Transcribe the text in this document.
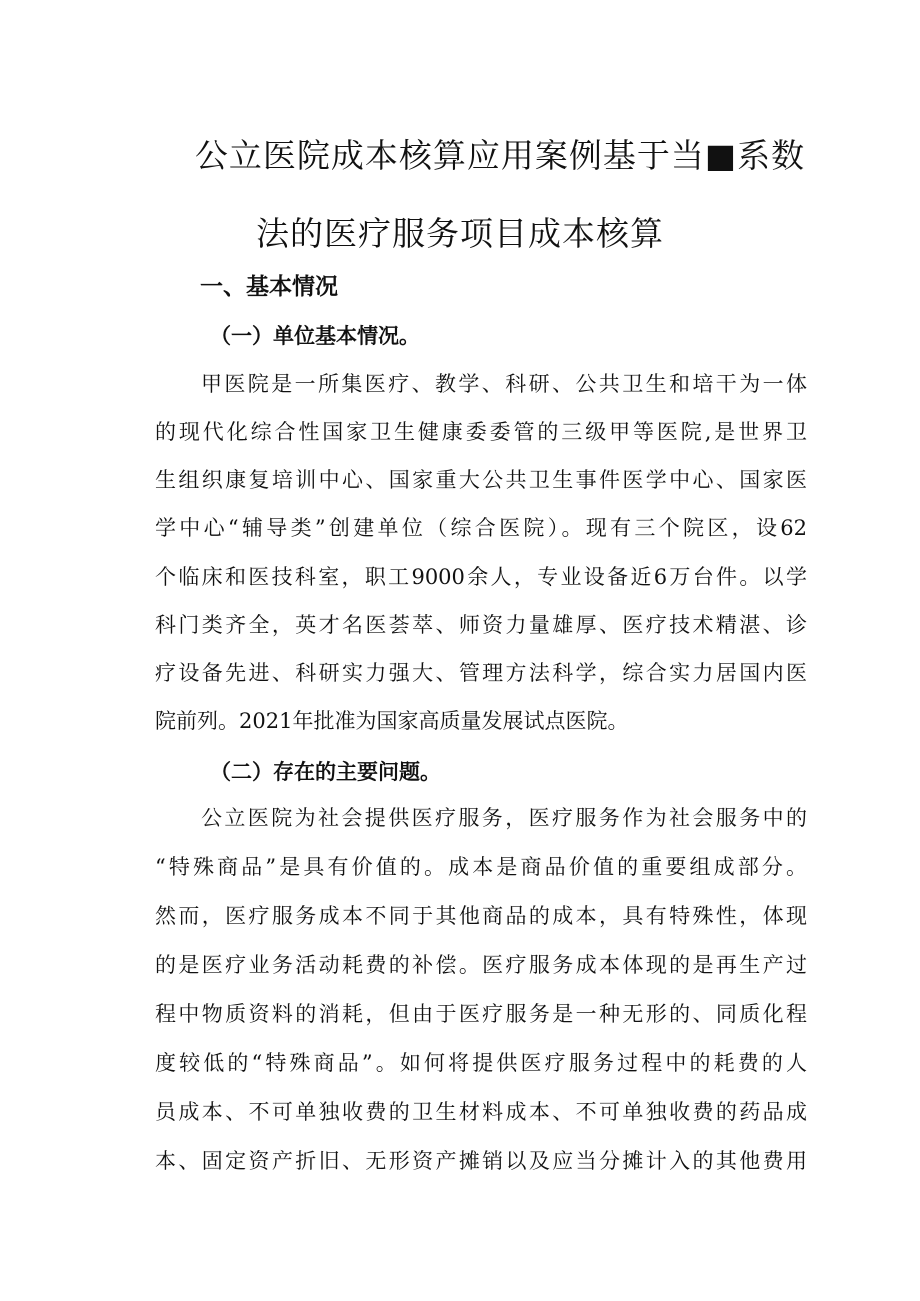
公立医院成本核算应用案例基于当■系数
法的医疗服务项目成本核算
一、基本情况
（一）单位基本情况。

甲医院是一所集医疗、教学、科研、公共卫生和培干为一体

的现代化综合性国家卫生健康委委管的三级甲等医院,是世界卫

生组织康复培训中心、国家重大公共卫生事件医学中心、国家医

学中心“辅导类”创建单位（综合医院）。现有三个院区，设62

个临床和医技科室，职工9000余人，专业设备近6万台件。以学

科门类齐全，英才名医荟萃、师资力量雄厚、医疗技术精湛、诊

疗设备先进、科研实力强大、管理方法科学，综合实力居国内医

院前列。2021年批准为国家高质量发展试点医院。

（二）存在的主要问题。

公立医院为社会提供医疗服务，医疗服务作为社会服务中的

“特殊商品”是具有价值的。成本是商品价值的重要组成部分。

然而，医疗服务成本不同于其他商品的成本，具有特殊性，体现

的是医疗业务活动耗费的补偿。医疗服务成本体现的是再生产过

程中物质资料的消耗，但由于医疗服务是一种无形的、同质化程

度较低的“特殊商品”。如何将提供医疗服务过程中的耗费的人

员成本、不可单独收费的卫生材料成本、不可单独收费的药品成

本、固定资产折旧、无形资产摊销以及应当分摊计入的其他费用
